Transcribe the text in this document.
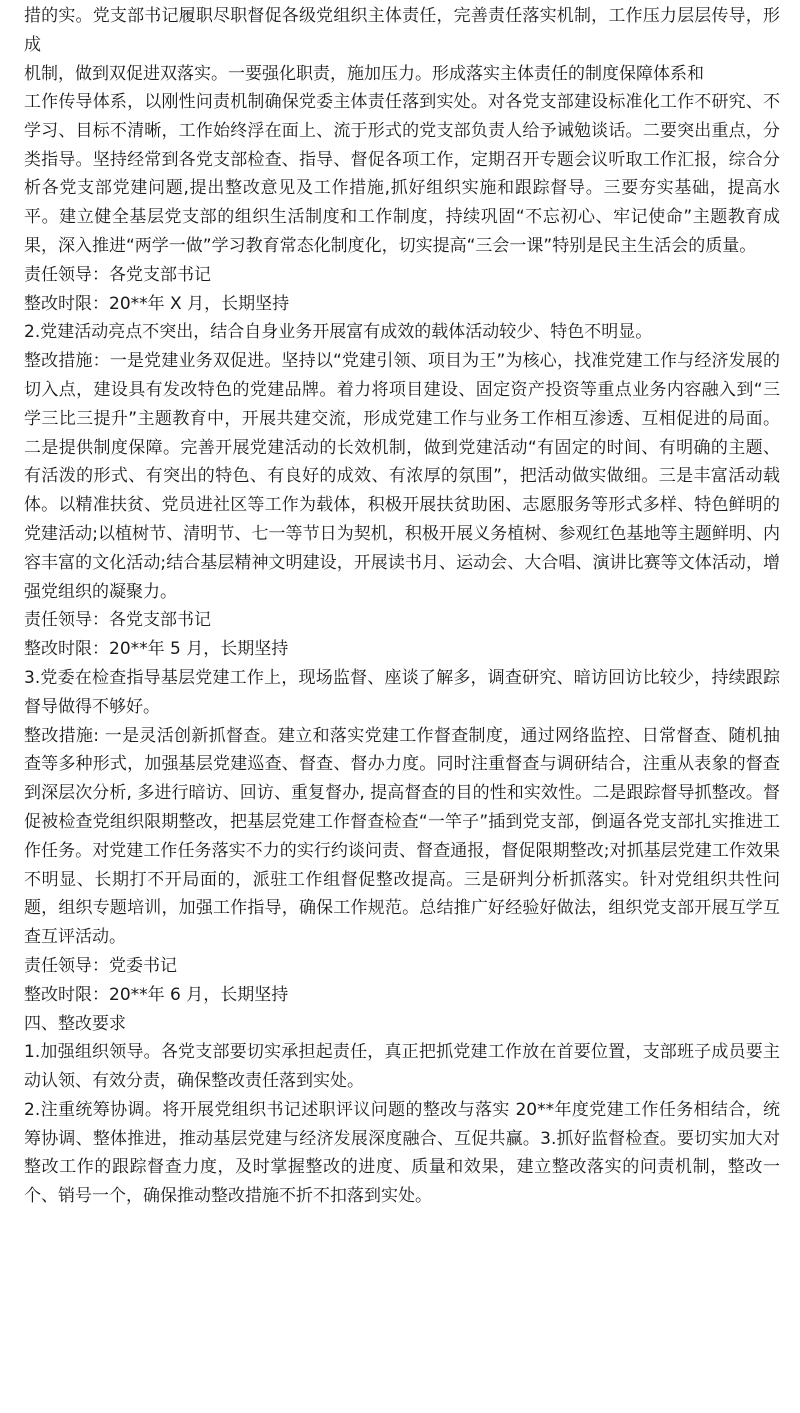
措的实。党支部书记履职尽职督促各级党组织主体责任，完善责任落实机制，工作压力层层传导，形成

机制，做到双促进双落实。一要强化职责，施加压力。形成落实主体责任的制度保障体系和

工作传导体系，以刚性问责机制确保党委主体责任落到实处。对各党支部建设标准化工作不研究、不学习、目标不清晰，工作始终浮在面上、流于形式的党支部负责人给予诫勉谈话。二要突出重点，分类指导。坚持经常到各党支部检查、指导、督促各项工作，定期召开专题会议听取工作汇报，综合分析各党支部党建问题,提出整改意见及工作措施,抓好组织实施和跟踪督导。三要夯实基础，提高水平。建立健全基层党支部的组织生活制度和工作制度，持续巩固“不忘初心、牢记使命”主题教育成果，深入推进“两学一做”学习教育常态化制度化，切实提高“三会一课”特别是民主生活会的质量。

责任领导：各党支部书记

整改时限：20**年 X 月，长期坚持

2.党建活动亮点不突出，结合自身业务开展富有成效的载体活动较少、特色不明显。

整改措施：一是党建业务双促进。坚持以“党建引领、项目为王”为核心，找准党建工作与经济发展的切入点，建设具有发改特色的党建品牌。着力将项目建设、固定资产投资等重点业务内容融入到“三学三比三提升”主题教育中，开展共建交流，形成党建工作与业务工作相互渗透、互相促进的局面。二是提供制度保障。完善开展党建活动的长效机制，做到党建活动“有固定的时间、有明确的主题、有活泼的形式、有突出的特色、有良好的成效、有浓厚的氛围”，把活动做实做细。三是丰富活动载体。以精准扶贫、党员进社区等工作为载体，积极开展扶贫助困、志愿服务等形式多样、特色鲜明的党建活动;以植树节、清明节、七一等节日为契机，积极开展义务植树、参观红色基地等主题鲜明、内容丰富的文化活动;结合基层精神文明建设，开展读书月、运动会、大合唱、演讲比赛等文体活动，增强党组织的凝聚力。

责任领导：各党支部书记

整改时限：20**年 5 月，长期坚持

3.党委在检查指导基层党建工作上，现场监督、座谈了解多，调查研究、暗访回访比较少，持续跟踪督导做得不够好。

整改措施: 一是灵活创新抓督查。建立和落实党建工作督查制度，通过网络监控、日常督查、随机抽查等多种形式，加强基层党建巡查、督查、督办力度。同时注重督查与调研结合，注重从表象的督查到深层次分析, 多进行暗访、回访、重复督办, 提高督查的目的性和实效性。二是跟踪督导抓整改。督促被检查党组织限期整改，把基层党建工作督查检查“一竿子”插到党支部，倒逼各党支部扎实推进工作任务。对党建工作任务落实不力的实行约谈问责、督查通报，督促限期整改;对抓基层党建工作效果不明显、长期打不开局面的，派驻工作组督促整改提高。三是研判分析抓落实。针对党组织共性问题，组织专题培训，加强工作指导，确保工作规范。总结推广好经验好做法，组织党支部开展互学互查互评活动。

责任领导：党委书记

整改时限：20**年 6 月，长期坚持

四、整改要求

1.加强组织领导。各党支部要切实承担起责任，真正把抓党建工作放在首要位置，支部班子成员要主动认领、有效分责，确保整改责任落到实处。

2.注重统筹协调。将开展党组织书记述职评议问题的整改与落实 20**年度党建工作任务相结合，统筹协调、整体推进，推动基层党建与经济发展深度融合、互促共赢。3.抓好监督检查。要切实加大对整改工作的跟踪督查力度，及时掌握整改的进度、质量和效果，建立整改落实的问责机制，整改一个、销号一个，确保推动整改措施不折不扣落到实处。
